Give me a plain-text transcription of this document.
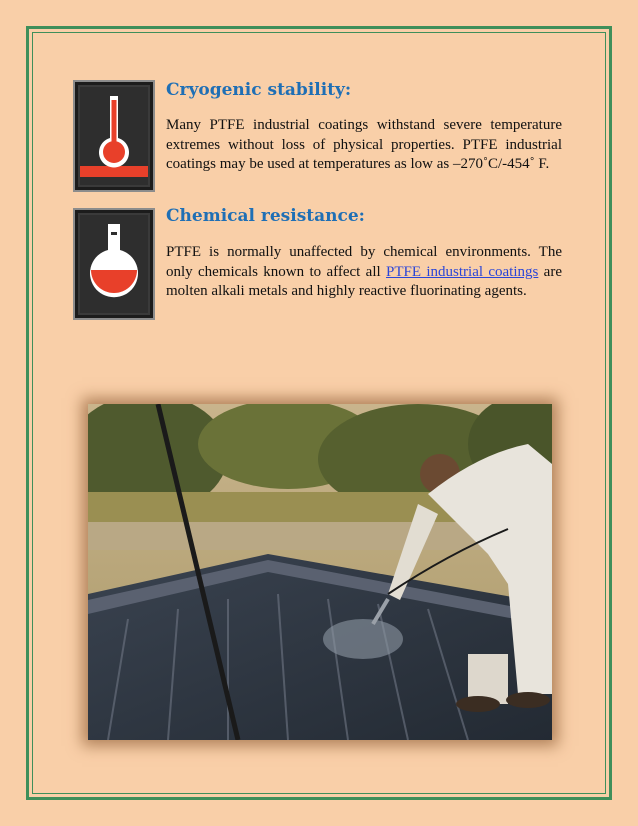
Cryogenic stability:
Many PTFE industrial coatings withstand severe temperature extremes without loss of physical properties. PTFE industrial coatings may be used at temperatures as low as –270˚C/-454˚ F.
Chemical resistance:
PTFE is normally unaffected by chemical environments. The only chemicals known to affect all PTFE industrial coatings are molten alkali metals and highly reactive fluorinating agents.
